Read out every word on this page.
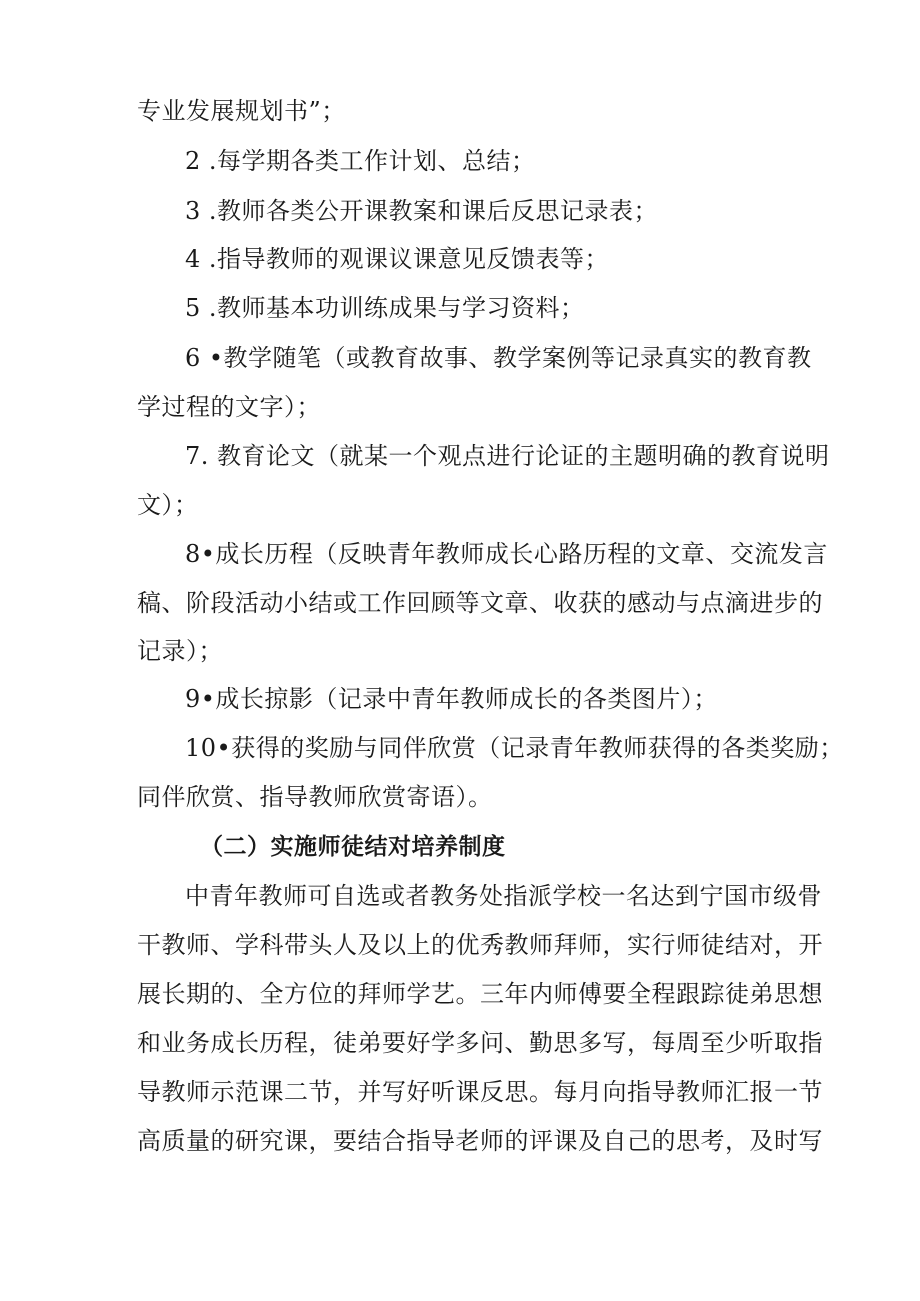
专业发展规划书”；
2 .每学期各类工作计划、总结；
3 .教师各类公开课教案和课后反思记录表；
4 .指导教师的观课议课意见反馈表等；
5 .教师基本功训练成果与学习资料；
6 •教学随笔（或教育故事、教学案例等记录真实的教育教
学过程的文字）；
7. 教育论文（就某一个观点进行论证的主题明确的教育说明
文）；
8•成长历程（反映青年教师成长心路历程的文章、交流发言
稿、阶段活动小结或工作回顾等文章、收获的感动与点滴进步的
记录）；
9•成长掠影（记录中青年教师成长的各类图片）；
10•获得的奖励与同伴欣赏（记录青年教师获得的各类奖励；
同伴欣赏、指导教师欣赏寄语）。
（二）实施师徒结对培养制度
中青年教师可自选或者教务处指派学校一名达到宁国市级骨
干教师、学科带头人及以上的优秀教师拜师，实行师徒结对，开
展长期的、全方位的拜师学艺。三年内师傅要全程跟踪徒弟思想
和业务成长历程，徒弟要好学多问、勤思多写，每周至少听取指
导教师示范课二节，并写好听课反思。每月向指导教师汇报一节
高质量的研究课，要结合指导老师的评课及自己的思考，及时写
